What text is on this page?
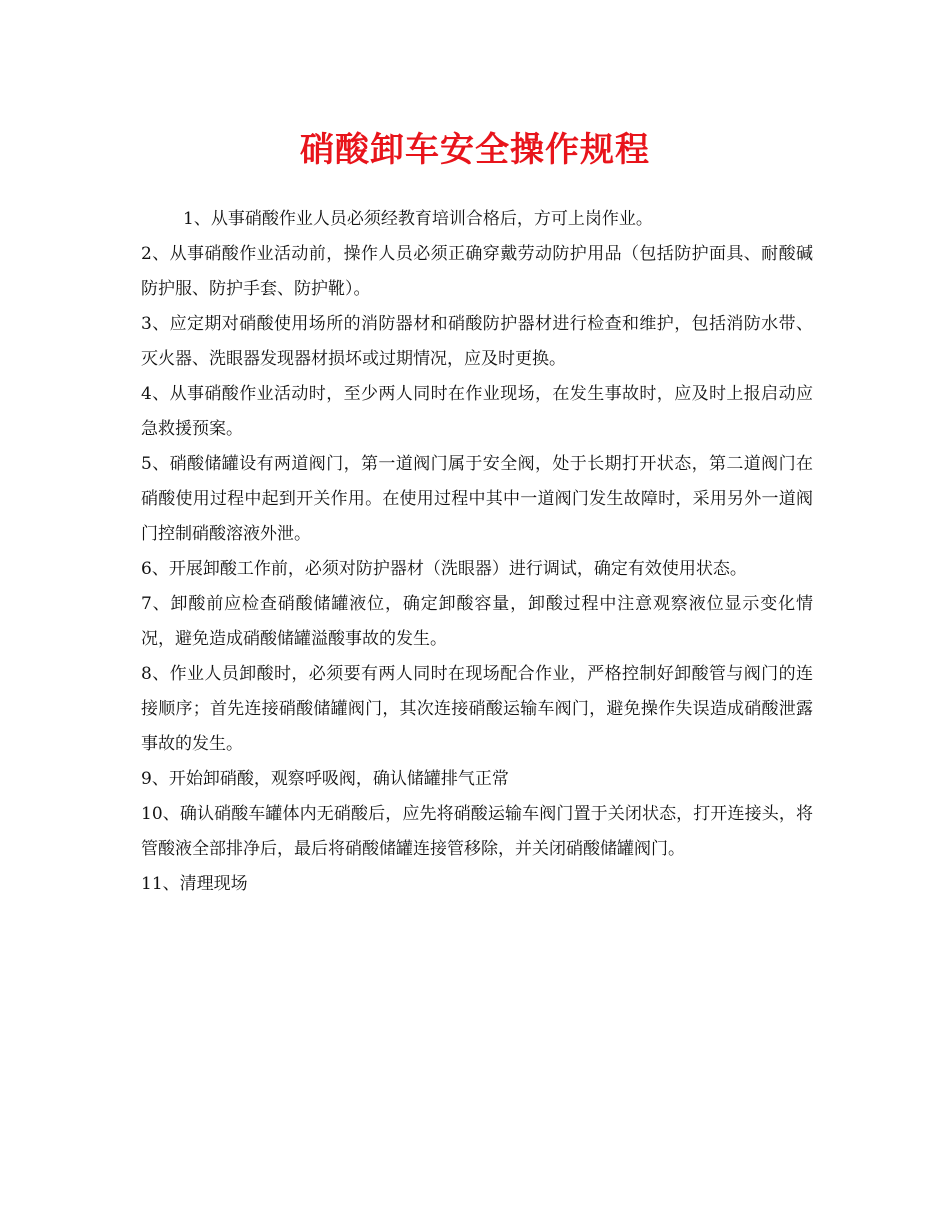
硝酸卸车安全操作规程

1、从事硝酸作业人员必须经教育培训合格后，方可上岗作业。

2、从事硝酸作业活动前，操作人员必须正确穿戴劳动防护用品（包括防护面具、耐酸碱防护服、防护手套、防护靴）。

3、应定期对硝酸使用场所的消防器材和硝酸防护器材进行检查和维护，包括消防水带、灭火器、洗眼器发现器材损坏或过期情况，应及时更换。

4、从事硝酸作业活动时，至少两人同时在作业现场，在发生事故时，应及时上报启动应急救援预案。

5、硝酸储罐设有两道阀门，第一道阀门属于安全阀，处于长期打开状态，第二道阀门在硝酸使用过程中起到开关作用。在使用过程中其中一道阀门发生故障时，采用另外一道阀门控制硝酸溶液外泄。

6、开展卸酸工作前，必须对防护器材（洗眼器）进行调试，确定有效使用状态。

7、卸酸前应检查硝酸储罐液位，确定卸酸容量，卸酸过程中注意观察液位显示变化情况，避免造成硝酸储罐溢酸事故的发生。

8、作业人员卸酸时，必须要有两人同时在现场配合作业，严格控制好卸酸管与阀门的连接顺序；首先连接硝酸储罐阀门，其次连接硝酸运输车阀门，避免操作失误造成硝酸泄露事故的发生。

9、开始卸硝酸，观察呼吸阀，确认储罐排气正常

10、确认硝酸车罐体内无硝酸后，应先将硝酸运输车阀门置于关闭状态，打开连接头，将管酸液全部排净后，最后将硝酸储罐连接管移除，并关闭硝酸储罐阀门。

11、清理现场
